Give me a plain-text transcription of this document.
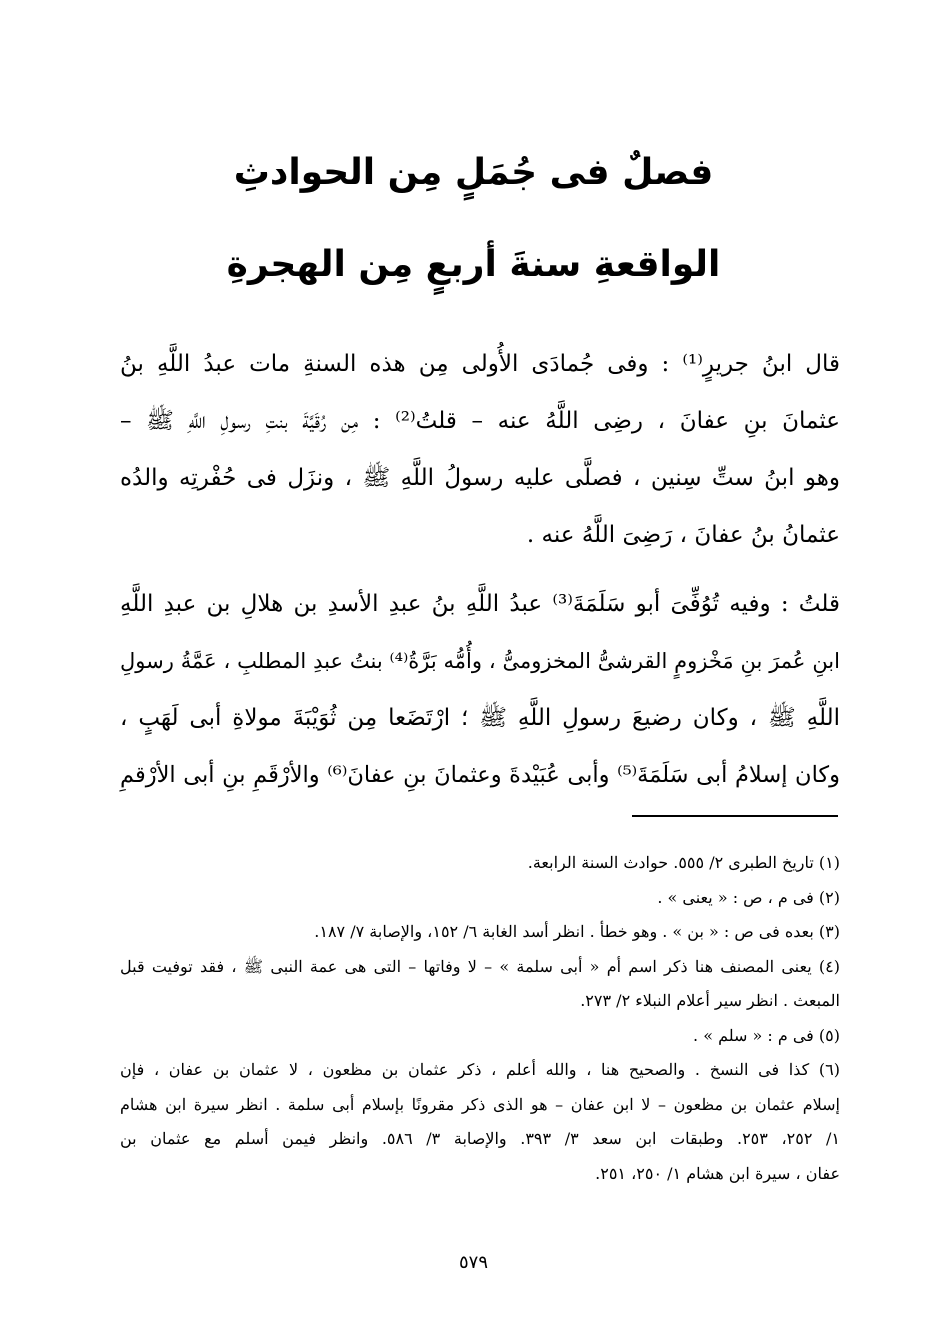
فصلٌ فى جُمَلٍ مِن الحوادثِ
الواقعةِ سنةَ أربعٍ مِن الهجرةِ
قال ابنُ جريرٍ⁽¹⁾ : وفى جُمادَى الأُولى مِن هذه السنةِ مات عبدُ اللَّهِ بنُ
عثمانَ بنِ عفانَ ، رضِى اللَّهُ عنه – قلتُ⁽²⁾ : مِن رُقَيَّةَ بنتِ رسولِ اللَّهِ ﷺ –
وهو ابنُ ستِّ سِنين ، فصلَّى عليه رسولُ اللَّهِ ﷺ ، ونزَل فى حُفْرتِه والدُه
عثمانُ بنُ عفانَ ، رَضِىَ اللَّهُ عنه .
قلتُ : وفيه تُوُفِّىَ أبو سَلَمَةَ⁽³⁾ عبدُ اللَّهِ بنُ عبدِ الأسدِ بن هلالِ بن عبدِ اللَّهِ
ابنِ عُمرَ بنِ مَخْزومٍ القرشىُّ المخزومىُّ ، وأُمُّه بَرَّةُ⁽⁴⁾ بنتُ عبدِ المطلبِ ، عَمَّةُ رسولِ
اللَّهِ ﷺ ، وكان رضيعَ رسولِ اللَّهِ ﷺ ؛ ارْتَضَعا مِن ثُوَيْبَةَ مولاةِ أبى لَهَبٍ ،
وكان إسلامُ أبى سَلَمَةَ⁽⁵⁾ وأبى عُبَيْدةَ وعثمانَ بنِ عفانَ⁽⁶⁾ والأرْقَمِ بنِ أبى الأرْقمِ
(١) تاريخ الطبرى ٢/ ٥٥٥. حوادث السنة الرابعة.
(٢) فى م ، ص : « يعنى » .
(٣) بعده فى ص : « بن » . وهو خطأ . انظر أسد الغابة ٦/ ١٥٢، والإصابة ٧/ ١٨٧.
(٤) يعنى المصنف هنا ذكر اسم أم « أبى سلمة » – لا وفاتها – التى هى عمة النبى ﷺ ، فقد توفيت قبل
المبعث . انظر سير أعلام النبلاء ٢/ ٢٧٣.
(٥) فى م : « سلم » .
(٦) كذا فى النسخ . والصحيح هنا ، والله أعلم ، ذكر عثمان بن مظعون ، لا عثمان بن عفان ، فإن
إسلام عثمان بن مظعون – لا ابن عفان – هو الذى ذكر مقرونًا بإسلام أبى سلمة . انظر سيرة ابن هشام
١/ ٢٥٢، ٢٥٣. وطبقات ابن سعد ٣/ ٣٩٣. والإصابة ٣/ ٥٨٦. وانظر فيمن أسلم مع عثمان بن
عفان ، سيرة ابن هشام ١/ ٢٥٠، ٢٥١.
٥٧٩
